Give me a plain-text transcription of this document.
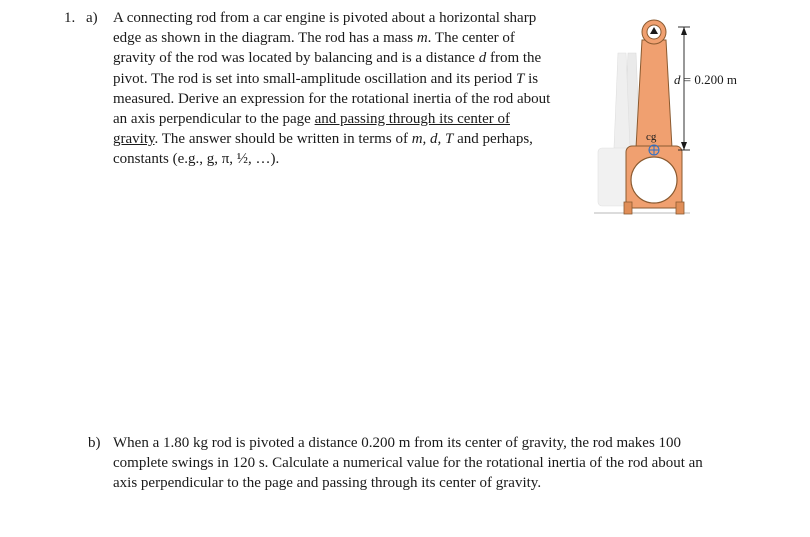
1. a) A connecting rod from a car engine is pivoted about a horizontal sharp
edge as shown in the diagram. The rod has a mass m. The center of
gravity of the rod was located by balancing and is a distance d from the
pivot. The rod is set into small-amplitude oscillation and its period T is
measured. Derive an expression for the rotational inertia of the rod about
an axis perpendicular to the page and passing through its center of
gravity. The answer should be written in terms of m, d, T and perhaps,
constants (e.g., g, π, ½, …).
cg
d = 0.200 m
b) When a 1.80 kg rod is pivoted a distance 0.200 m from its center of gravity, the rod makes 100
complete swings in 120 s. Calculate a numerical value for the rotational inertia of the rod about an
axis perpendicular to the page and passing through its center of gravity.
